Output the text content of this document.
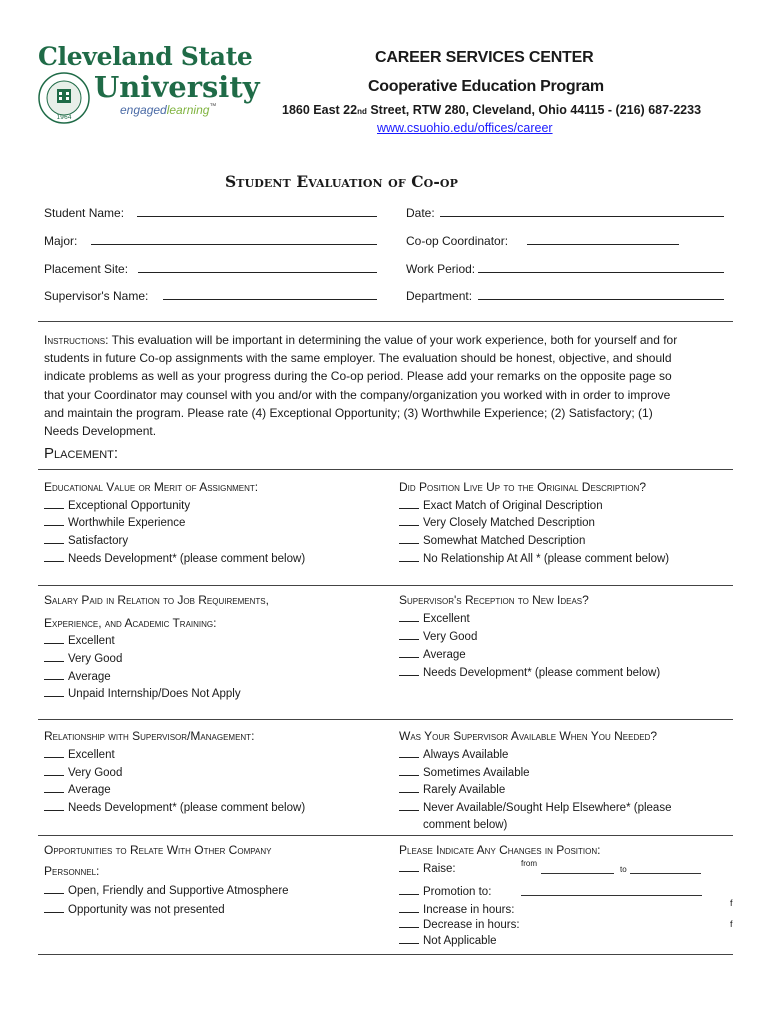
Cleveland State
1964
University
engagedlearning™
CAREER SERVICES CENTER
Cooperative Education Program
1860 East 22nd Street, RTW 280, Cleveland, Ohio 44115 - (216) 687-2233
www.csuohio.edu/offices/career
Student Evaluation of Co-op
Student Name:	Date:
Major:	Co-op Coordinator:
Placement Site:	Work Period:
Supervisor's Name:	Department:
Instructions: This evaluation will be important in determining the value of your work experience, both for yourself and for students in future Co-op assignments with the same employer. The evaluation should be honest, objective, and should indicate problems as well as your progress during the Co-op period. Please add your remarks on the opposite page so that your Coordinator may counsel with you and/or with the company/organization you worked with in order to improve and maintain the program. Please rate (4) Exceptional Opportunity; (3) Worthwhile Experience; (2) Satisfactory; (1) Needs Development.
Placement:
Educational Value or Merit of Assignment:
Exceptional Opportunity
Worthwhile Experience
Satisfactory
Needs Development* (please comment below)
Did Position Live Up to the Original Description?
Exact Match of Original Description
Very Closely Matched Description
Somewhat Matched Description
No Relationship At All * (please comment below)
Salary Paid in Relation to Job Requirements,
Experience, and Academic Training:
Excellent
Very Good
Average
Unpaid Internship/Does Not Apply
Supervisor's Reception to New Ideas?
Excellent
Very Good
Average
Needs Development* (please comment below)
Relationship with Supervisor/Management:
Excellent
Very Good
Average
Needs Development* (please comment below)
Was Your Supervisor Available When You Needed?
Always Available
Sometimes Available
Rarely Available
Never Available/Sought Help Elsewhere* (please
comment below)
Opportunities to Relate With Other Company
Personnel:
Open, Friendly and Supportive Atmosphere
Opportunity was not presented
Please Indicate Any Changes in Position:
Raise:	from
to
Promotion to:
f
Increase in hours:
Decrease in hours:	f
Not Applicable
